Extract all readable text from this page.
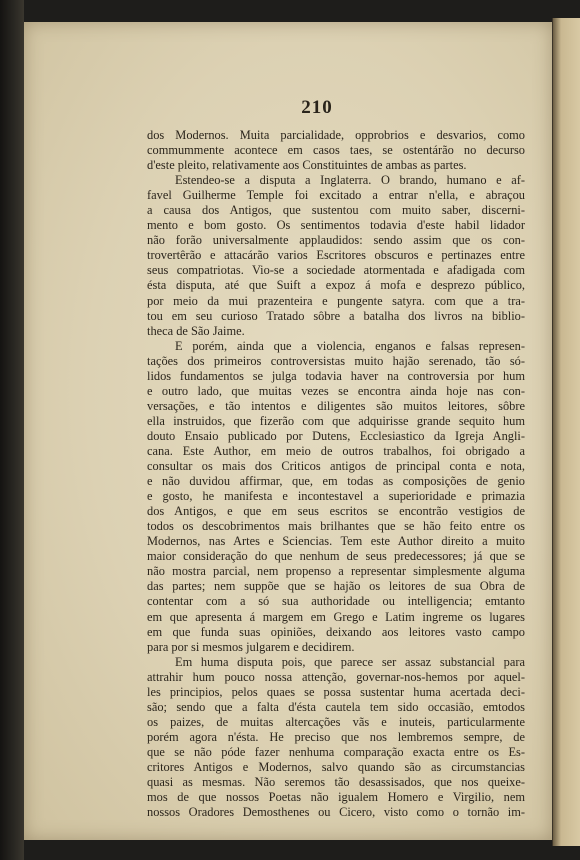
210
dos Modernos. Muita parcialidade, opprobrios e desvarios, como
commummente acontece em casos taes, se ostentárão no decurso
d'este pleito, relativamente aos Constituintes de ambas as partes.
Estendeo-se a disputa a Inglaterra. O brando, humano e af-
favel Guilherme Temple foi excitado a entrar n'ella, e abraçou
a causa dos Antigos, que sustentou com muito saber, discerni-
mento e bom gosto. Os sentimentos todavia d'este habil lidador
não forão universalmente applaudidos: sendo assim que os con-
trovertêrão e attacárão varios Escritores obscuros e pertinazes entre
seus compatriotas. Vio-se a sociedade atormentada e afadigada com
ésta disputa, até que Suift a expoz á mofa e desprezo público,
por meio da mui prazenteira e pungente satyra. com que a tra-
tou em seu curioso Tratado sôbre a batalha dos livros na biblio-
theca de São Jaime.
E porém, ainda que a violencia, enganos e falsas represen-
tações dos primeiros controversistas muito hajão serenado, tão só-
lidos fundamentos se julga todavia haver na controversia por hum
e outro lado, que muitas vezes se encontra ainda hoje nas con-
versações, e tão intentos e diligentes são muitos leitores, sôbre
ella instruidos, que fizerão com que adquirisse grande sequito hum
douto Ensaio publicado por Dutens, Ecclesiastico da Igreja Angli-
cana. Este Author, em meio de outros trabalhos, foi obrigado a
consultar os mais dos Criticos antigos de principal conta e nota,
e não duvidou affirmar, que, em todas as composições de genio
e gosto, he manifesta e incontestavel a superioridade e primazia
dos Antigos, e que em seus escritos se encontrão vestigios de
todos os descobrimentos mais brilhantes que se hão feito entre os
Modernos, nas Artes e Sciencias. Tem este Author direito a muito
maior consideração do que nenhum de seus predecessores; já que se
não mostra parcial, nem propenso a representar simplesmente alguma
das partes; nem suppõe que se hajão os leitores de sua Obra de
contentar com a só sua authoridade ou intelligencia; emtanto
em que apresenta á margem em Grego e Latim ingreme os lugares
em que funda suas opiniões, deixando aos leitores vasto campo
para por si mesmos julgarem e decidirem.
Em huma disputa pois, que parece ser assaz substancial para
attrahir hum pouco nossa attenção, governar-nos-hemos por aquel-
les principios, pelos quaes se possa sustentar huma acertada deci-
são; sendo que a falta d'ésta cautela tem sido occasião, emtodos
os paizes, de muitas altercações vãs e inuteis, particularmente
porém agora n'ésta. He preciso que nos lembremos sempre, de
que se não póde fazer nenhuma comparação exacta entre os Es-
critores Antigos e Modernos, salvo quando são as circumstancias
quasi as mesmas. Não seremos tão desassisados, que nos queixe-
mos de que nossos Poetas não igualem Homero e Virgilio, nem
nossos Oradores Demosthenes ou Cicero, visto como o tornão im-
